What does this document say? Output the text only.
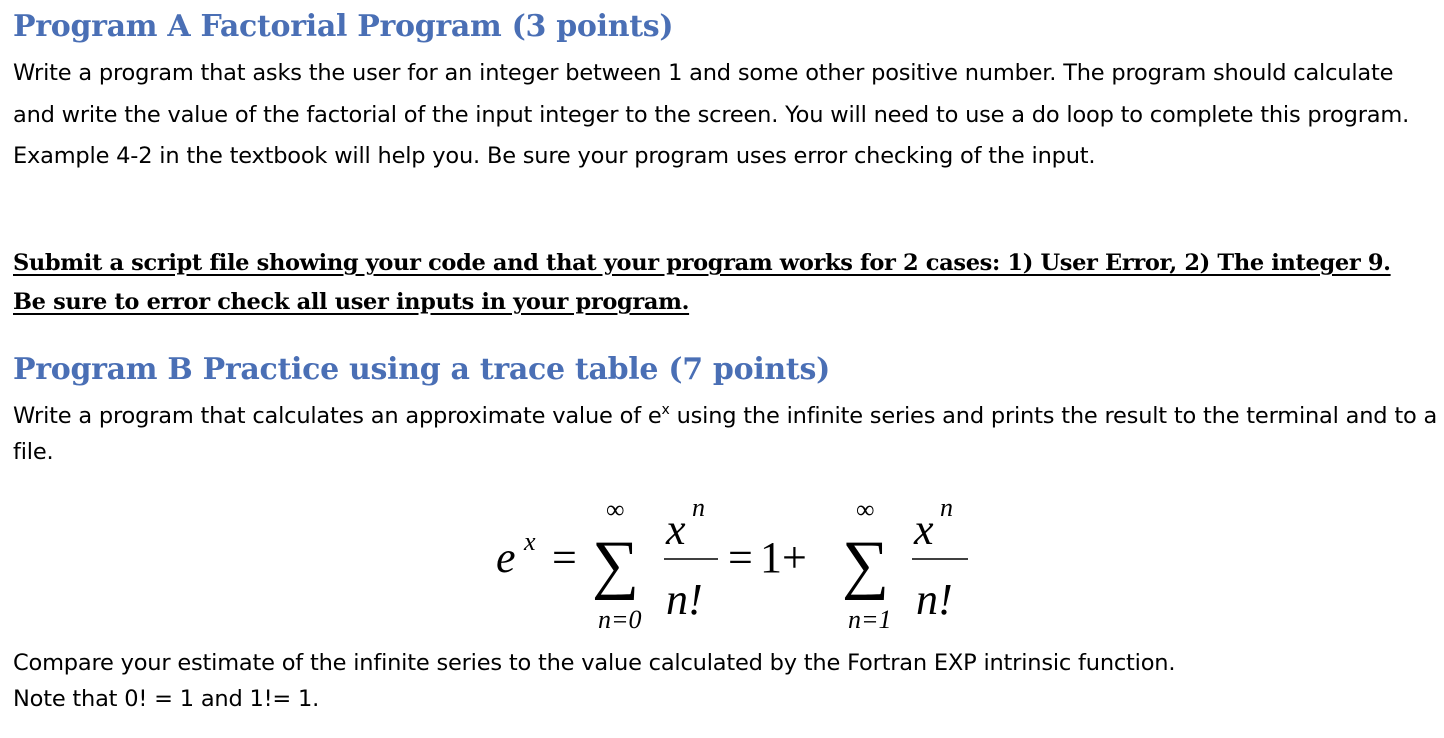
Program A Factorial Program (3 points)

Write a program that asks the user for an integer between 1 and some other positive number. The program should calculate and write the value of the factorial of the input integer to the screen. You will need to use a do loop to complete this program. Example 4-2 in the textbook will help you. Be sure your program uses error checking of the input.

Submit a script file showing your code and that your program works for 2 cases: 1) User Error, 2) The integer 9. Be sure to error check all user inputs in your program.

Program B Practice using a trace table (7 points)

Write a program that calculates an approximate value of $e^x$ using the infinite series and prints the result to the terminal and to a file.

e x =
∞
∑
n=0
x n
n!
= 1+
∞
∑
n=1
x n
n!

Compare your estimate of the infinite series to the value calculated by the Fortran EXP intrinsic function.

Note that 0! = 1 and 1!= 1.
